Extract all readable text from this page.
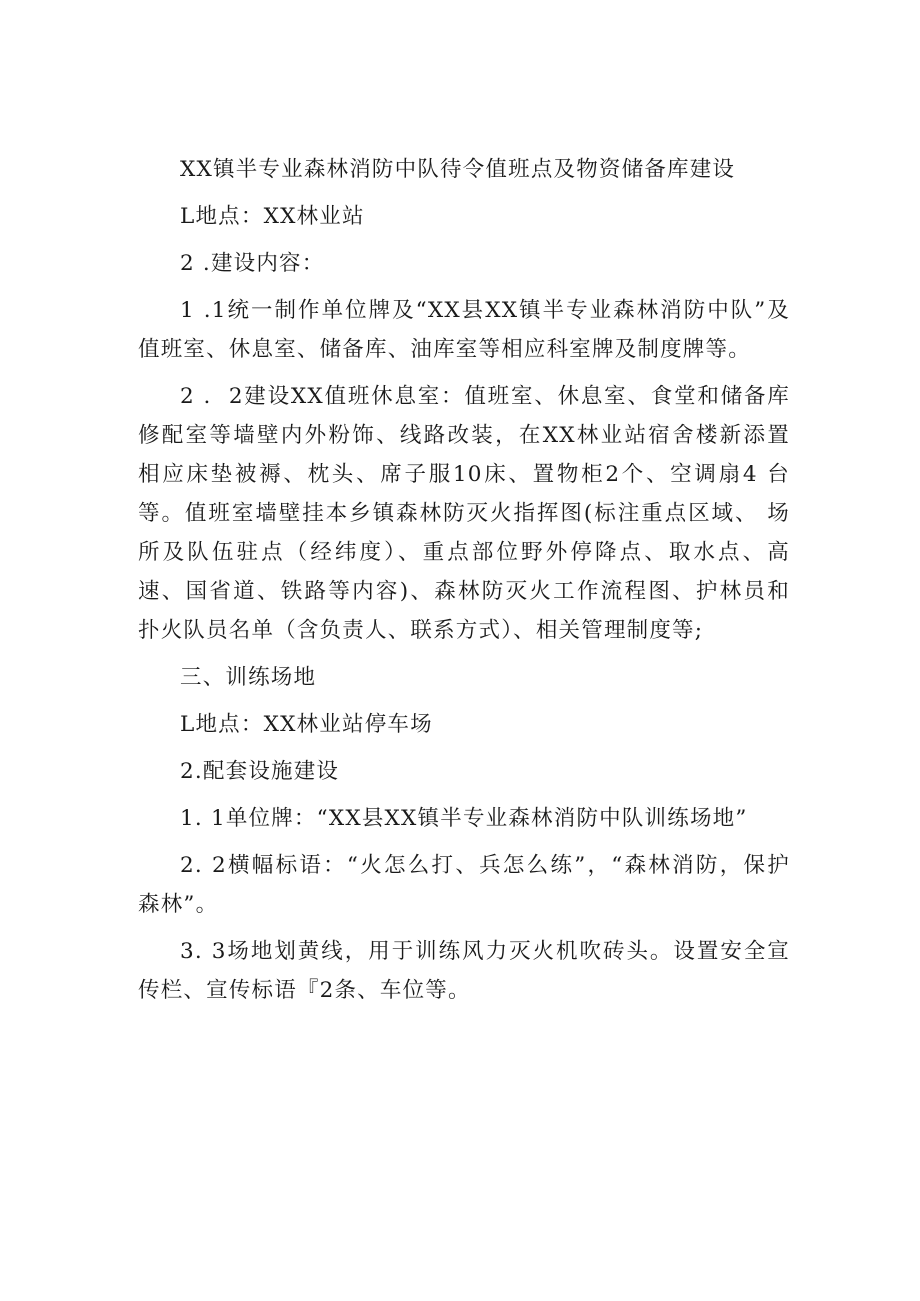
XX镇半专业森林消防中队待令值班点及物资储备库建设

L地点：XX林业站

2 .建设内容：

1 .1统一制作单位牌及“XX县XX镇半专业森林消防中队”及值班室、休息室、储备库、油库室等相应科室牌及制度牌等。

2 .  2建设XX值班休息室：值班室、休息室、食堂和储备库修配室等墙壁内外粉饰、线路改装，在XX林业站宿舍楼新添置 相应床垫被褥、枕头、席子服10床、置物柜2个、空调扇4 台等。值班室墙壁挂本乡镇森林防灭火指挥图(标注重点区域、 场所及队伍驻点（经纬度）、重点部位野外停降点、取水点、高 速、国省道、铁路等内容)、森林防灭火工作流程图、护林员和 扑火队员名单（含负责人、联系方式）、相关管理制度等;

三、训练场地

L地点：XX林业站停车场

2.配套设施建设

1. 1单位牌：“XX县XX镇半专业森林消防中队训练场地”

2. 2横幅标语：“火怎么打、兵怎么练”，“森林消防，保护 森林”。

3. 3场地划黄线，用于训练风力灭火机吹砖头。设置安全宣传栏、宣传标语『2条、车位等。
